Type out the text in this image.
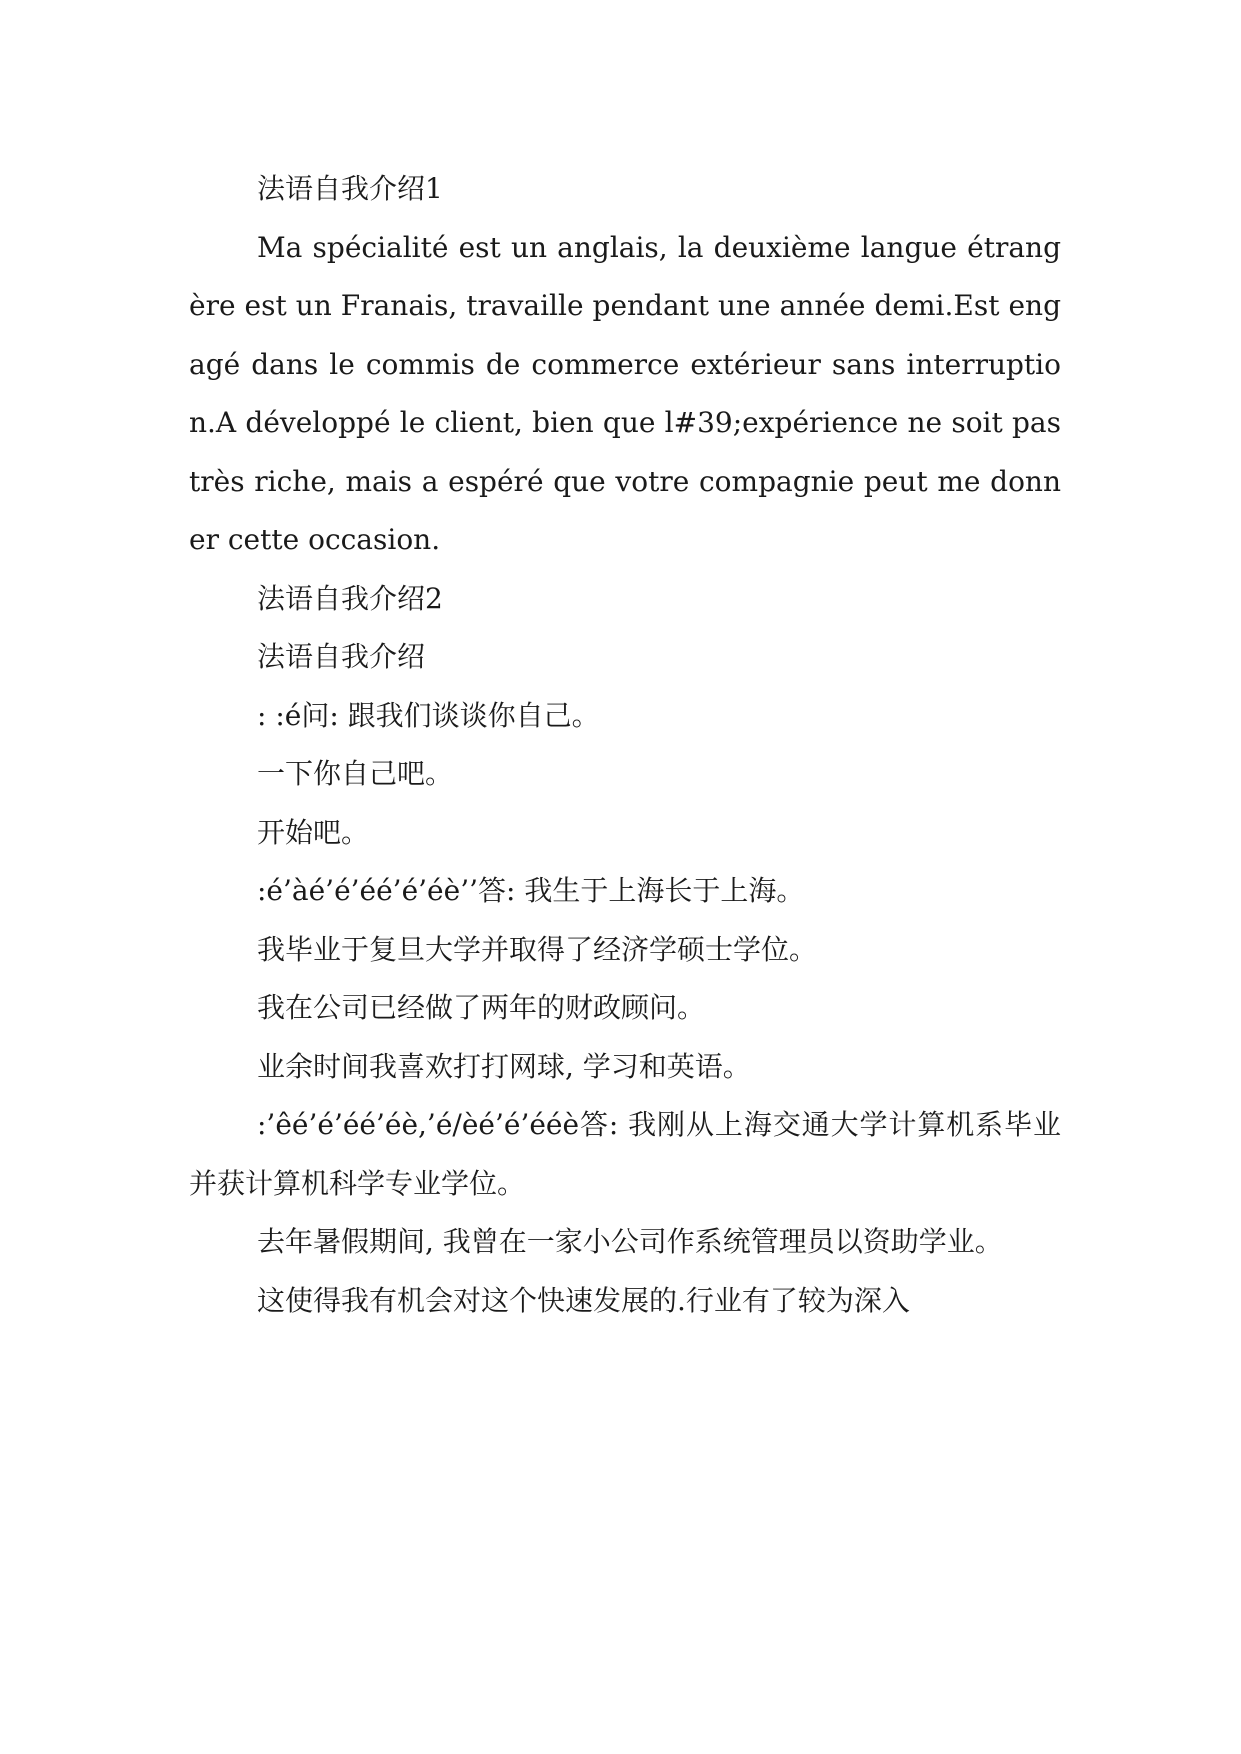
法语自我介绍1

Ma spécialité est un anglais, la deuxième langue étrangère est un Franais, travaille pendant une année demi.Est engagé dans le commis de commerce extérieur sans interruption.A développé le client, bien que l#39;expérience ne soit pas très riche, mais a espéré que votre compagnie peut me donner cette occasion.

法语自我介绍2

法语自我介绍

: :é问: 跟我们谈谈你自己。

一下你自己吧。

开始吧。

:é’àé’é’éé’é’éè’’答: 我生于上海长于上海。

我毕业于复旦大学并取得了经济学硕士学位。

我在公司已经做了两年的财政顾问。

业余时间我喜欢打打网球, 学习和英语。

:’êé’é’éé’éè,’é/èé’é’ééè答: 我刚从上海交通大学计算机系毕业并获计算机科学专业学位。

去年暑假期间, 我曾在一家小公司作系统管理员以资助学业。

这使得我有机会对这个快速发展的.行业有了较为深入
